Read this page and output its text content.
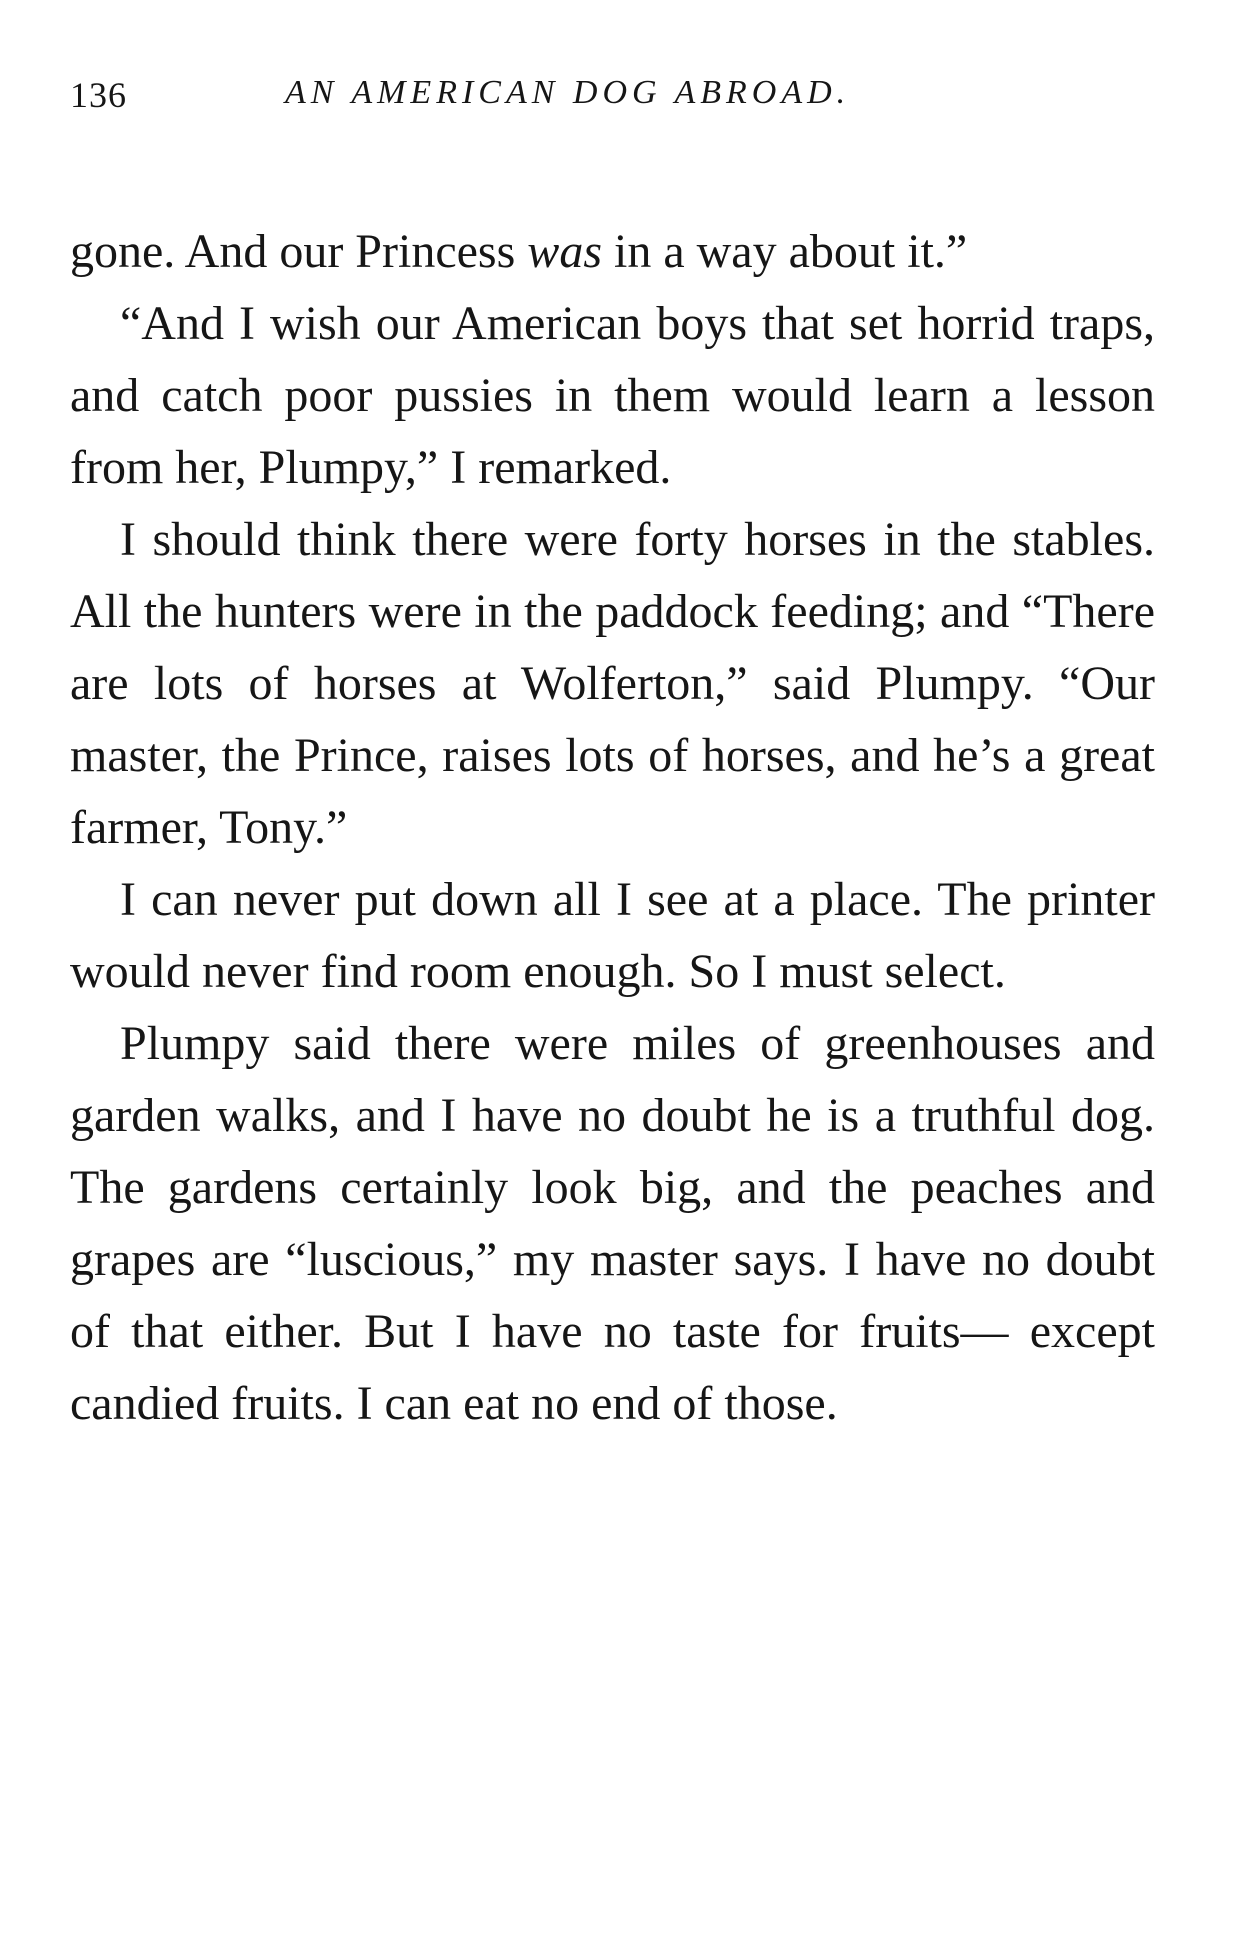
136	AN AMERICAN DOG ABROAD.

gone. And our Princess was in a way about it.”

“And I wish our American boys that set horrid traps, and catch poor pussies in them would learn a lesson from her, Plumpy,” I remarked.

I should think there were forty horses in the stables. All the hunters were in the paddock feeding; and “There are lots of horses at Wolferton,” said Plumpy. “Our master, the Prince, raises lots of horses, and he’s a great farmer, Tony.”

I can never put down all I see at a place. The printer would never find room enough. So I must select.

Plumpy said there were miles of greenhouses and garden walks, and I have no doubt he is a truthful dog. The gardens certainly look big, and the peaches and grapes are “luscious,” my master says. I have no doubt of that either. But I have no taste for fruits— except candied fruits. I can eat no end of those.
